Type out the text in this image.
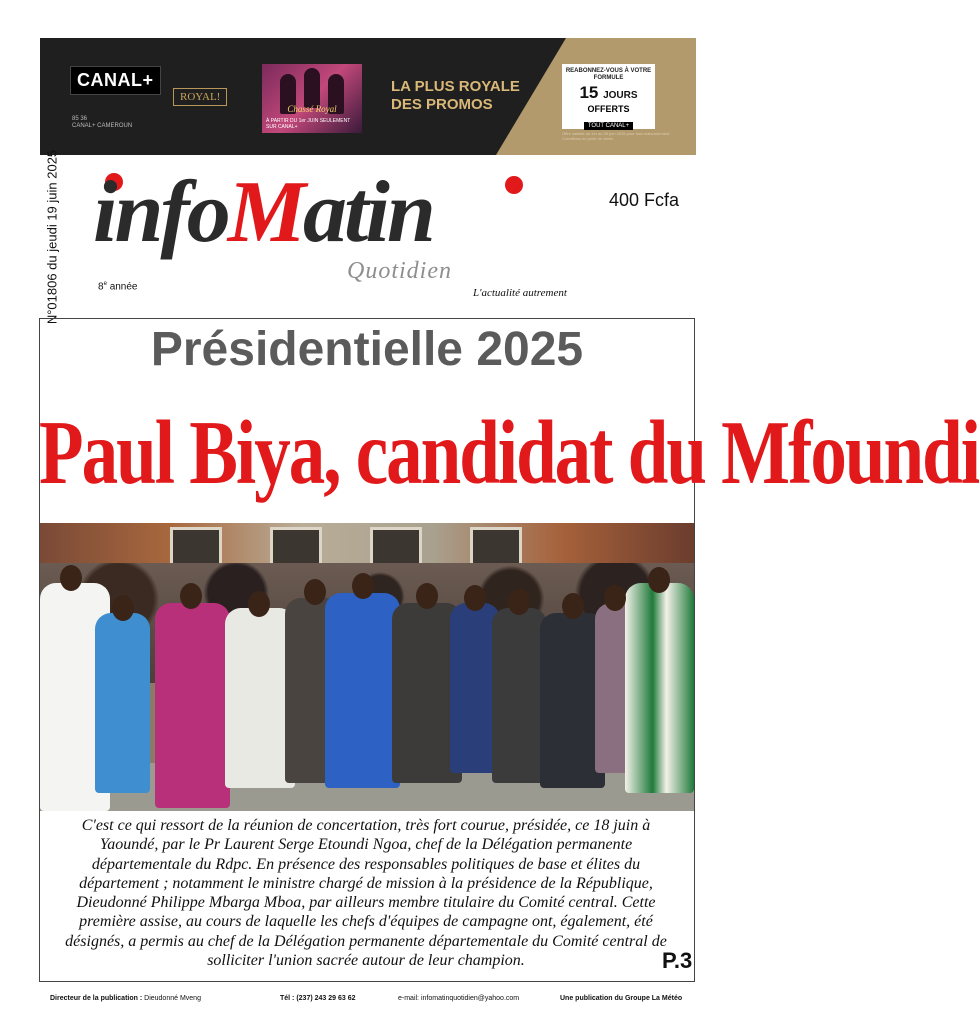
CANAL+
85 36
CANAL+ CAMEROUN
ROYAL!
Chassé Royal
À PARTIR DU 1er JUIN SEULEMENT SUR CANAL+
LA PLUS ROYALE
DES PROMOS
REABONNEZ-VOUS À VOTRE FORMULE
15 JOURS
OFFERTS
TOUT CANAL+
Offre valable du 1er au 30 juin 2025 pour tout réabonnement. Conditions en point de vente.
N°01806 du jeudi 19 juin 2025 infoMatin
Quotidien
8e année
L'actualité autrement
400 Fcfa
Présidentielle 2025
Paul Biya, candidat du Mfoundi

C'est ce qui ressort de la réunion de concertation, très fort courue, présidée, ce 18 juin à Yaoundé, par le Pr Laurent Serge Etoundi Ngoa, chef de la Délégation permanente départementale du Rdpc. En présence des responsables politiques de base et élites du département ; notamment le ministre chargé de mission à la présidence de la République, Dieudonné Philippe Mbarga Mboa, par ailleurs membre titulaire du Comité central. Cette première assise, au cours de laquelle les chefs d'équipes de campagne ont, également, été désignés, a permis au chef de la Délégation permanente départementale du Comité central de solliciter l'union sacrée autour de leur champion.	P.3
Directeur de la publication : Dieudonné Mveng	Tél : (237) 243 29 63 62	e-mail: infomatinquotidien@yahoo.com	Une publication du Groupe La Météo
